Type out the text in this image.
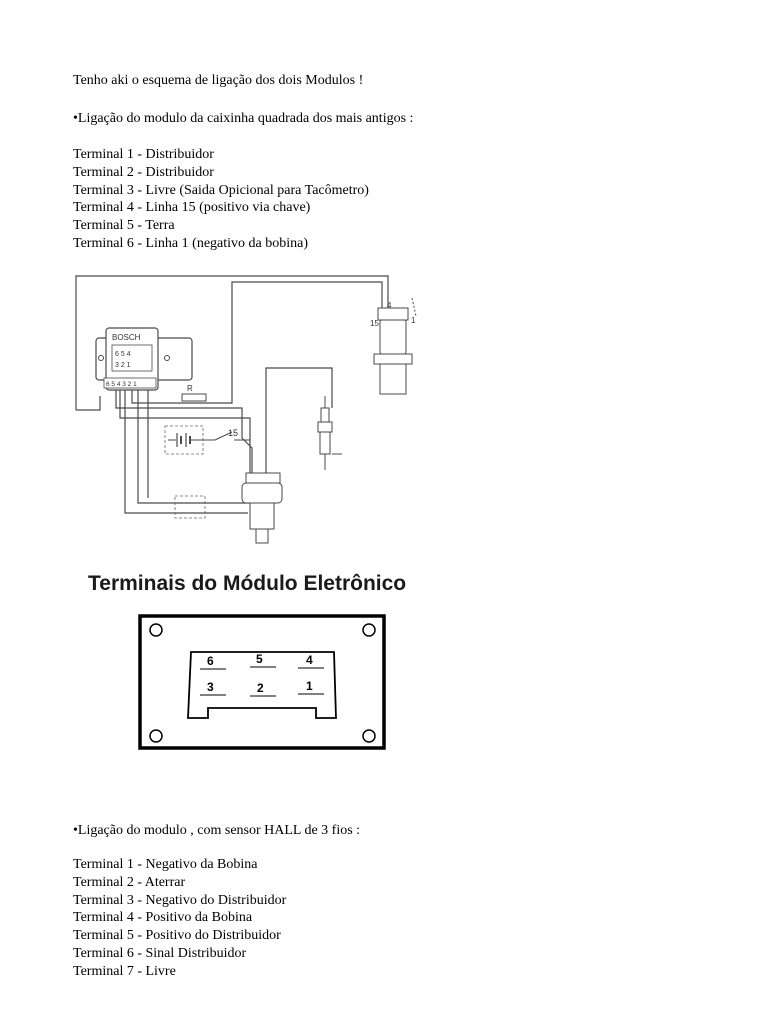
Tenho aki o esquema de ligação dos dois Modulos !
•Ligação do modulo da caixinha quadrada dos mais antigos :
Terminal 1 - Distribuidor
Terminal 2 - Distribuidor
Terminal 3 - Livre (Saida Opicional para Tacômetro)
Terminal 4 - Linha 15 (positivo via chave)
Terminal 5 - Terra
Terminal 6 - Linha 1 (negativo da bobina)
R
BOSCH
6 5 4
3 2 1
6 5 4 3 2 1
15
15
4
1
Terminais do Módulo Eletrônico
6	5	4
3	2	1
•Ligação do modulo , com sensor HALL de 3 fios :
Terminal 1 - Negativo da Bobina
Terminal 2 - Aterrar
Terminal 3 - Negativo do Distribuidor
Terminal 4 - Positivo da Bobina
Terminal 5 - Positivo do Distribuidor
Terminal 6 - Sinal Distribuidor
Terminal 7 - Livre
